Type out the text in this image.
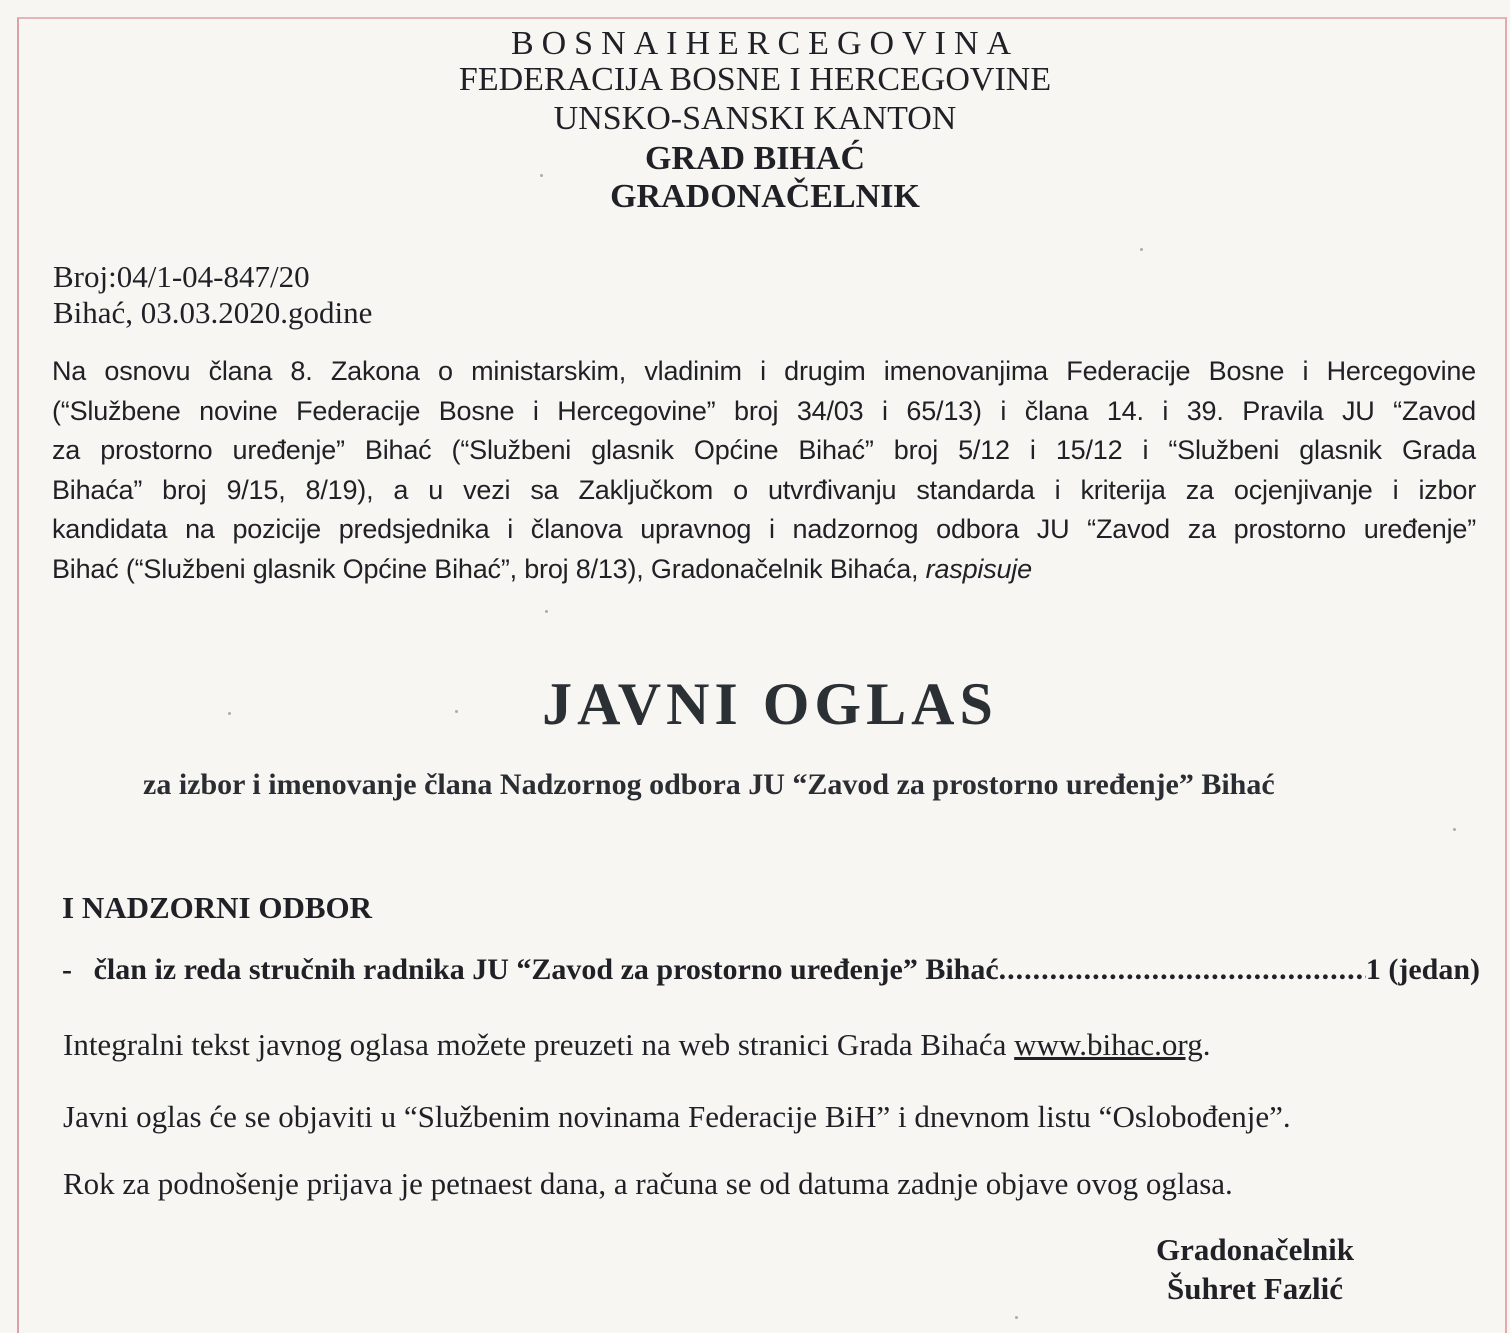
BOSNAIHERCEGOVINA
FEDERACIJA BOSNE I HERCEGOVINE
UNSKO-SANSKI KANTON
GRAD BIHAĆ
GRADONAČELNIK
Broj:04/1-04-847/20
Bihać, 03.03.2020.godine
Na osnovu člana 8. Zakona o ministarskim, vladinim i drugim imenovanjima Federacije Bosne i Hercegovine
(“Službene novine Federacije Bosne i Hercegovine” broj 34/03 i 65/13) i člana 14. i 39. Pravila JU “Zavod
za prostorno uređenje” Bihać (“Službeni glasnik Općine Bihać” broj 5/12 i 15/12 i “Službeni glasnik Grada
Bihaća” broj 9/15, 8/19), a u vezi sa Zaključkom o utvrđivanju standarda i kriterija za ocjenjivanje i izbor
kandidata na pozicije predsjednika i članova upravnog i nadzornog odbora JU “Zavod za prostorno uređenje”
Bihać (“Službeni glasnik Općine Bihać”, broj 8/13), Gradonačelnik Bihaća, raspisuje
JAVNI OGLAS
za izbor i imenovanje člana Nadzornog odbora JU “Zavod za prostorno uređenje” Bihać
I NADZORNI ODBOR
- član iz reda stručnih radnika JU “Zavod za prostorno uređenje” Bihać
.....	1 (jedan)
Integralni tekst javnog oglasa možete preuzeti na web stranici Grada Bihaća www.bihac.org.
Javni oglas će se objaviti u “Službenim novinama Federacije BiH” i dnevnom listu “Oslobođenje”.
Rok za podnošenje prijava je petnaest dana, a računa se od datuma zadnje objave ovog oglasa.
Gradonačelnik
Šuhret Fazlić
